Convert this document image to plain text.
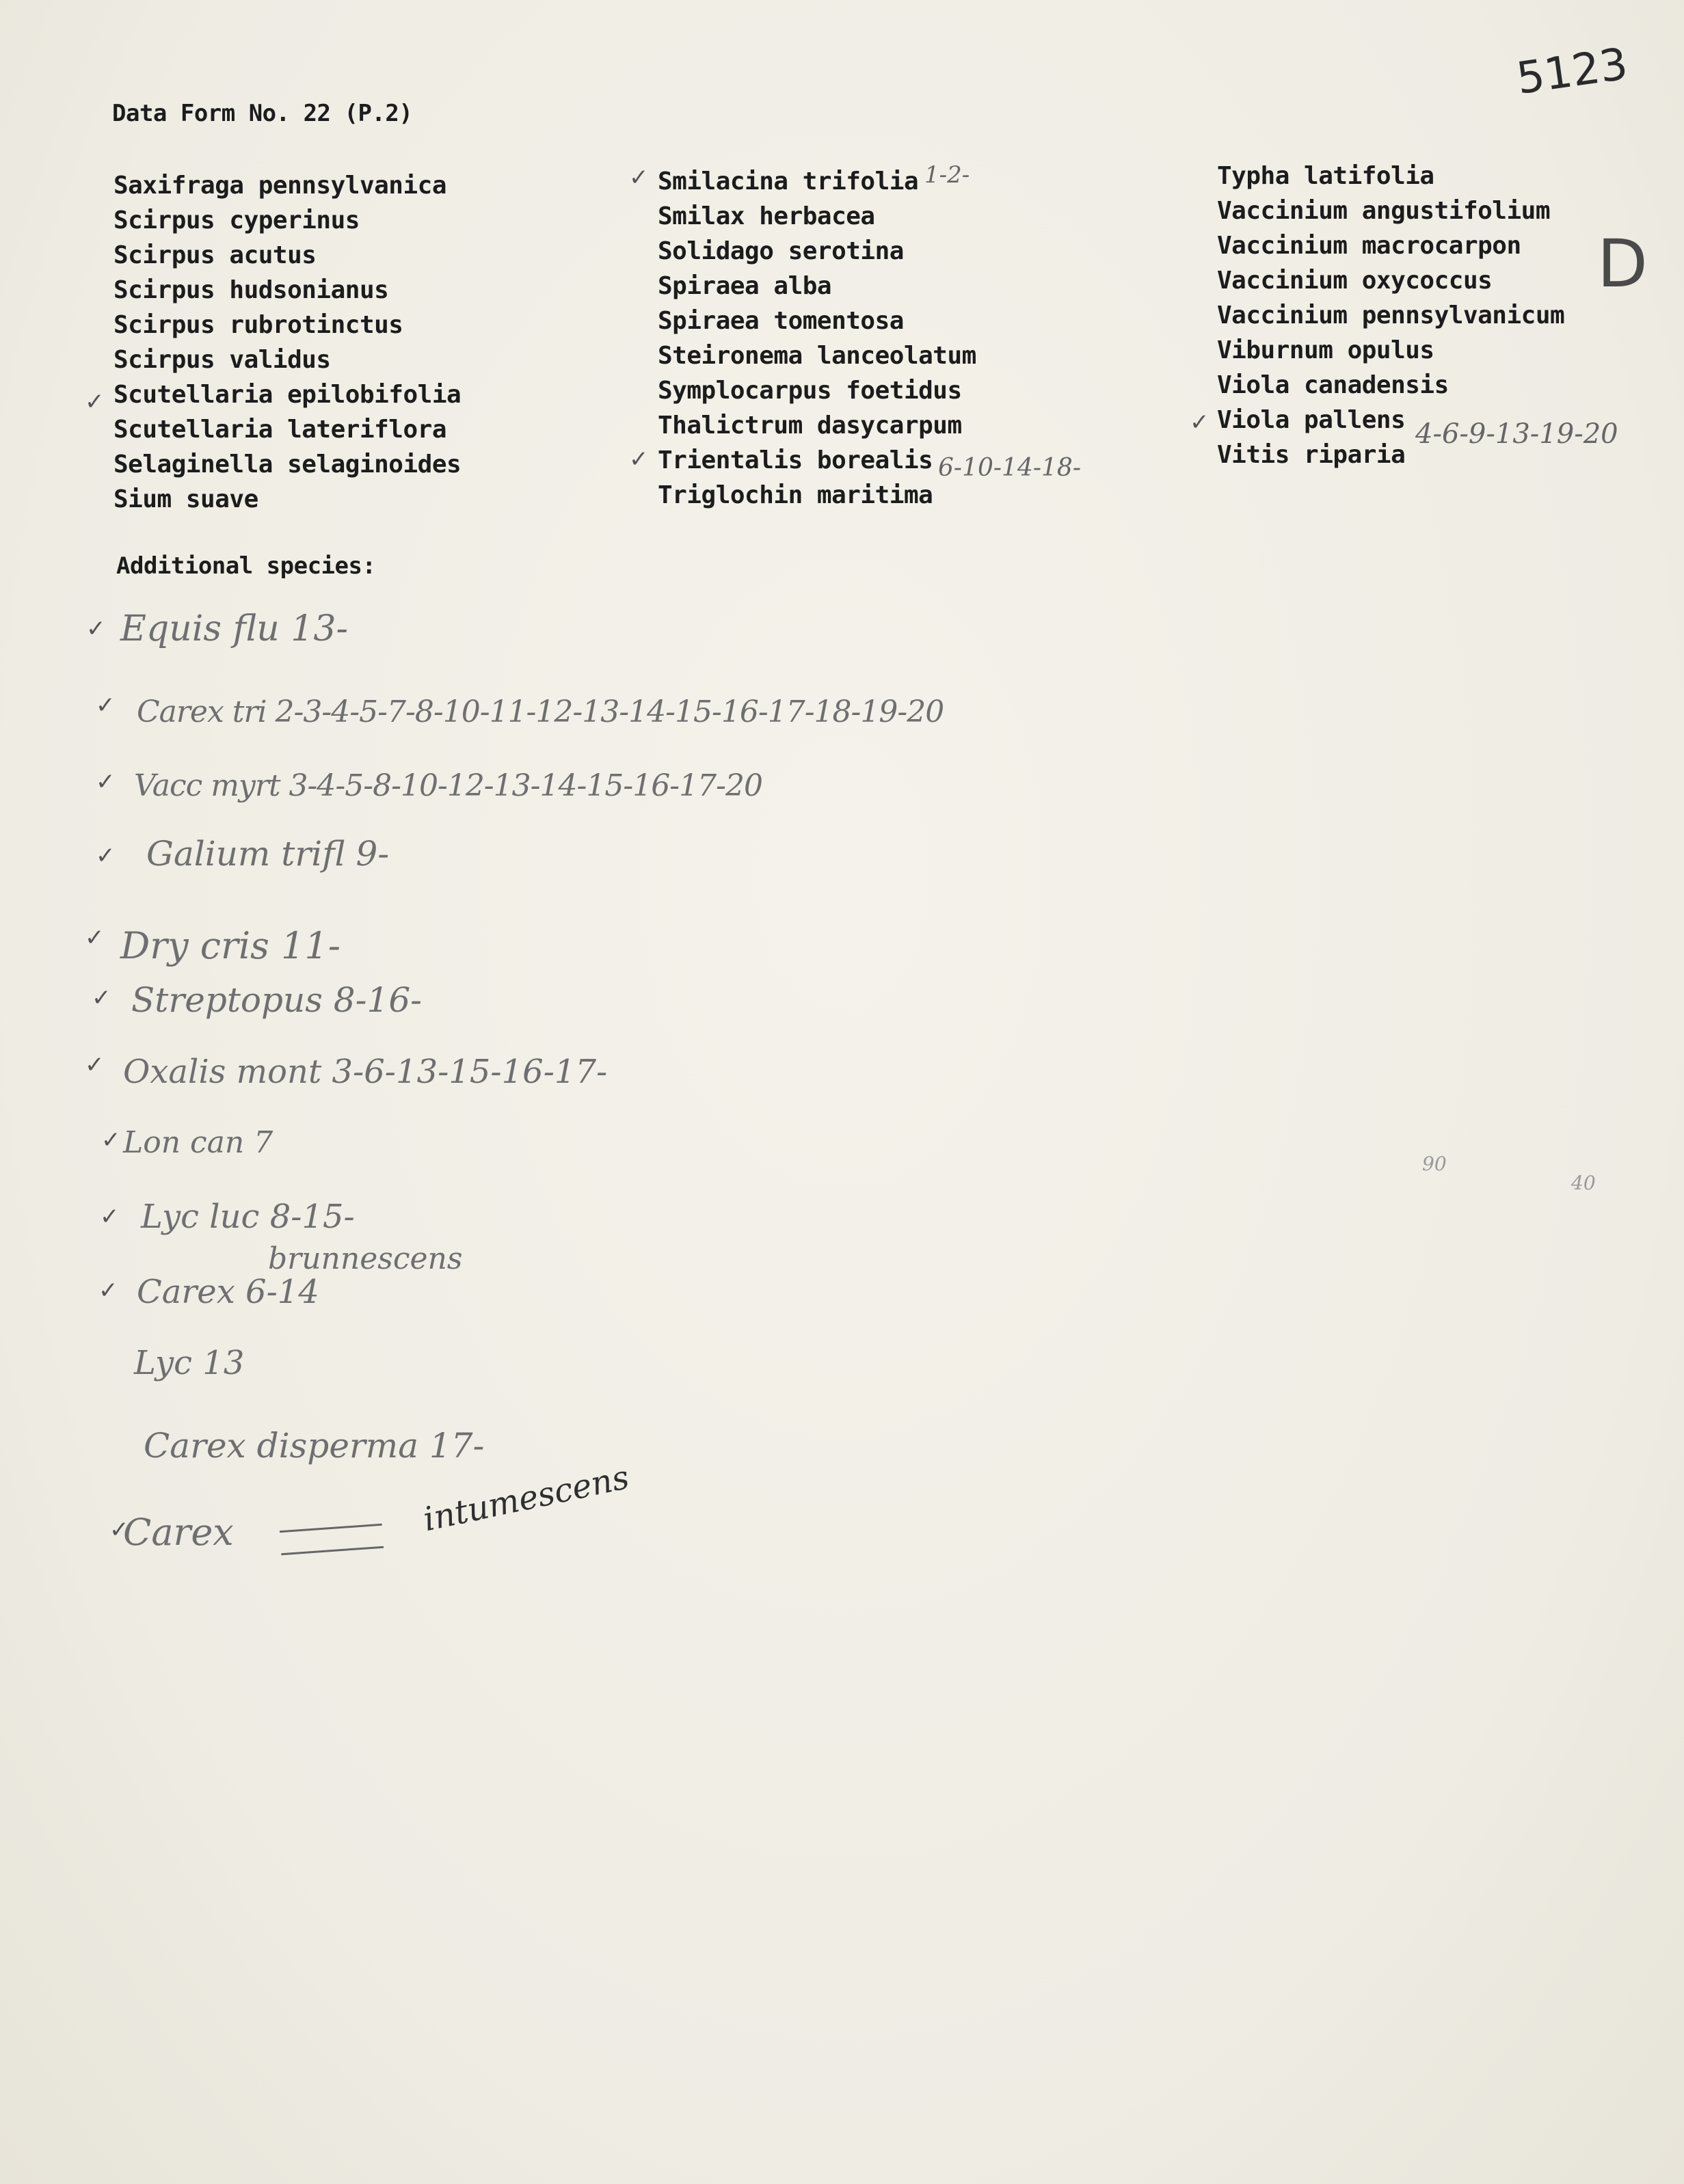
5123
D
Data Form No. 22 (P.2)
Saxifraga pennsylvanica
Scirpus cyperinus
Scirpus acutus
Scirpus hudsonianus
Scirpus rubrotinctus
Scirpus validus
Scutellaria epilobifolia
Scutellaria lateriflora
Selaginella selaginoides
Sium suave
Smilacina trifolia
Smilax herbacea
Solidago serotina
Spiraea alba
Spiraea tomentosa
Steironema lanceolatum
Symplocarpus foetidus
Thalictrum dasycarpum
Trientalis borealis
Triglochin maritima
Typha latifolia
Vaccinium angustifolium
Vaccinium macrocarpon
Vaccinium oxycoccus
Vaccinium pennsylvanicum
Viburnum opulus
Viola canadensis
Viola pallens
Vitis riparia
✓
✓
✓
✓
1-2-
6-10-14-18-
4-6-9-13-19-20
Additional species:
Equis flu 13-
Carex tri 2-3-4-5-7-8-10-11-12-13-14-15-16-17-18-19-20
Vacc myrt 3-4-5-8-10-12-13-14-15-16-17-20
Galium trifl 9-
Dry cris 11-
Streptopus 8-16-
Oxalis mont 3-6-13-15-16-17-
Lon can 7
Lyc luc 8-15-
Carex 6-14
brunnescens
Lyc 13
Carex disperma 17-
Carex	intumescens
✓
✓
✓
✓
✓
✓
✓
✓
✓
✓
✓
90
40
